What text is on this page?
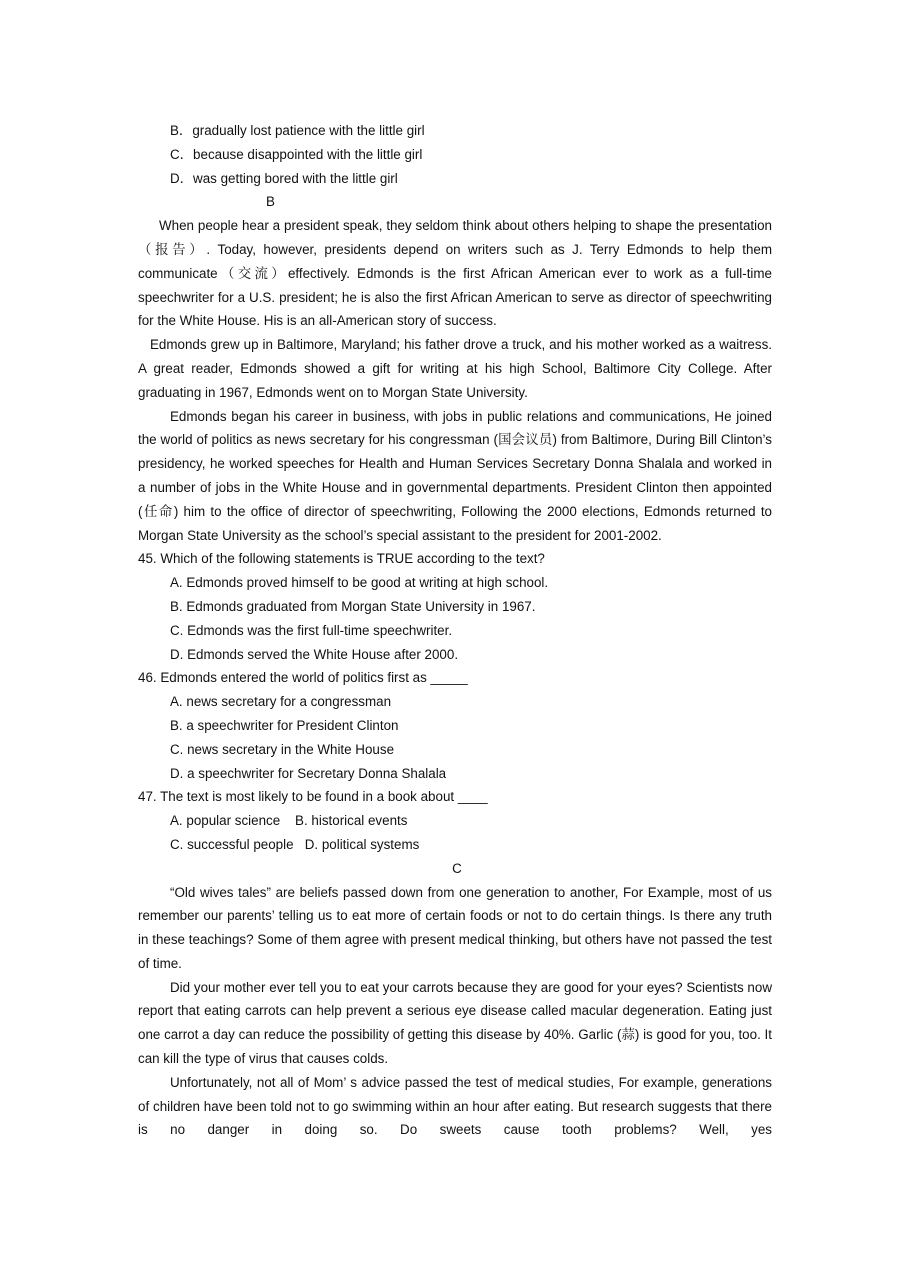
B．gradually lost patience with the little girl
C．because disappointed with the little girl
D．was getting bored with the little girl
B
When people hear a president speak, they seldom think about others helping to shape the presentation（报告）. Today, however, presidents depend on writers such as J. Terry Edmonds to help them communicate（交流）effectively. Edmonds is the first African American ever to work as a full-time speechwriter for a U.S. president; he is also the first African American to serve as director of speechwriting for the White House. His is an all-American story of success.
Edmonds grew up in Baltimore, Maryland; his father drove a truck, and his mother worked as a waitress. A great reader, Edmonds showed a gift for writing at his high School, Baltimore City College. After graduating in 1967, Edmonds went on to Morgan State University.
Edmonds began his career in business, with jobs in public relations and communications, He joined the world of politics as news secretary for his congressman (国会议员) from Baltimore, During Bill Clinton’s presidency, he worked speeches for Health and Human Services Secretary Donna Shalala and worked in a number of jobs in the White House and in governmental departments. President Clinton then appointed (任命) him to the office of director of speechwriting, Following the 2000 elections, Edmonds returned to Morgan State University as the school’s special assistant to the president for 2001-2002.
45. Which of the following statements is TRUE according to the text?
A. Edmonds proved himself to be good at writing at high school.
B. Edmonds graduated from Morgan State University in 1967.
C. Edmonds was the first full-time speechwriter.
D. Edmonds served the White House after 2000.
46. Edmonds entered the world of politics first as _____
A. news secretary for a congressman
B. a speechwriter for President Clinton
C. news secretary in the White House
D. a speechwriter for Secretary Donna Shalala
47. The text is most likely to be found in a book about ____
A. popular science    B. historical events
C. successful people   D. political systems
C
“Old wives tales” are beliefs passed down from one generation to another, For Example, most of us remember our parents’ telling us to eat more of certain foods or not to do certain things. Is there any truth in these teachings? Some of them agree with present medical thinking, but others have not passed the test of time.
Did your mother ever tell you to eat your carrots because they are good for your eyes? Scientists now report that eating carrots can help prevent a serious eye disease called macular degeneration. Eating just one carrot a day can reduce the possibility of getting this disease by 40%. Garlic (蒜) is good for you, too. It can kill the type of virus that causes colds.
Unfortunately, not all of Mom’ s advice passed the test of medical studies, For example, generations of children have been told not to go swimming within an hour after eating. But research suggests that there is no danger in doing so. Do sweets cause tooth problems? Well, yes
